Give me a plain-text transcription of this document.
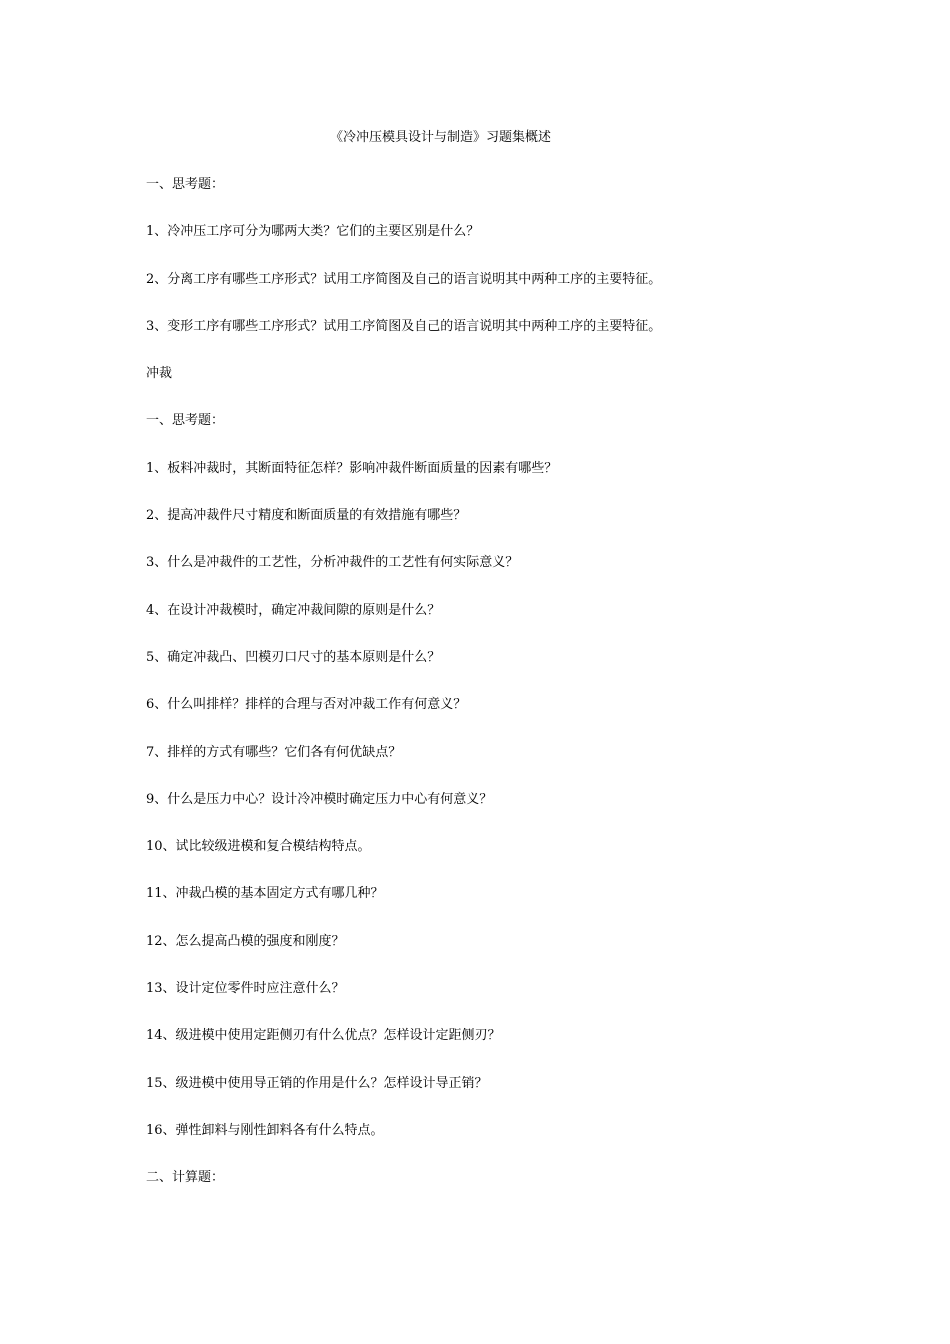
《冷冲压模具设计与制造》习题集概述
一、思考题：
1、冷冲压工序可分为哪两大类？它们的主要区别是什么？
2、分离工序有哪些工序形式？试用工序简图及自己的语言说明其中两种工序的主要特征。
3、变形工序有哪些工序形式？试用工序简图及自己的语言说明其中两种工序的主要特征。
冲裁
一、思考题：
1、板料冲裁时，其断面特征怎样？影响冲裁件断面质量的因素有哪些？
2、提高冲裁件尺寸精度和断面质量的有效措施有哪些？
3、什么是冲裁件的工艺性，分析冲裁件的工艺性有何实际意义？
4、在设计冲裁模时，确定冲裁间隙的原则是什么？
5、确定冲裁凸、凹模刃口尺寸的基本原则是什么？
6、什么叫排样？排样的合理与否对冲裁工作有何意义？
7、排样的方式有哪些？它们各有何优缺点？
9、什么是压力中心？设计冷冲模时确定压力中心有何意义？
10、试比较级进模和复合模结构特点。
11、冲裁凸模的基本固定方式有哪几种？
12、怎么提高凸模的强度和刚度？
13、设计定位零件时应注意什么？
14、级进模中使用定距侧刃有什么优点？怎样设计定距侧刃？
15、级进模中使用导正销的作用是什么？怎样设计导正销？
16、弹性卸料与刚性卸料各有什么特点。
二、计算题：
